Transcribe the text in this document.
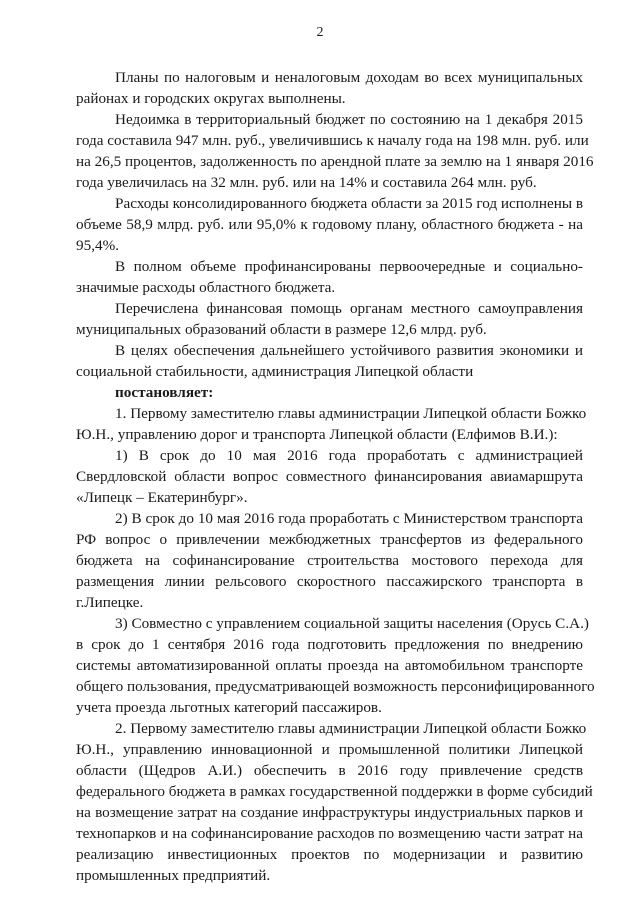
2
Планы по налоговым и неналоговым доходам во всех муниципальных
районах и городских округах выполнены.
Недоимка в территориальный бюджет по состоянию на 1 декабря 2015
года составила 947 млн. руб., увеличившись к началу года на 198 млн. руб. или
на 26,5 процентов, задолженность по арендной плате за землю на 1 января 2016
года увеличилась на 32 млн. руб. или на 14% и составила 264 млн. руб.
Расходы консолидированного бюджета области за 2015 год исполнены в
объеме 58,9 млрд. руб. или 95,0% к годовому плану, областного бюджета - на
95,4%.
В полном объеме профинансированы первоочередные и социально-
значимые расходы областного бюджета.
Перечислена финансовая помощь органам местного самоуправления
муниципальных образований области в размере 12,6 млрд. руб.
В целях обеспечения дальнейшего устойчивого развития экономики и
социальной стабильности, администрация Липецкой области
постановляет:
1. Первому заместителю главы администрации Липецкой области Божко
Ю.Н., управлению дорог и транспорта Липецкой области (Елфимов В.И.):
1) В срок до 10 мая 2016 года проработать с администрацией
Свердловской области вопрос совместного финансирования авиамаршрута
«Липецк – Екатеринбург».
2) В срок до 10 мая 2016 года проработать с Министерством транспорта
РФ вопрос о привлечении межбюджетных трансфертов из федерального
бюджета на софинансирование строительства мостового перехода для
размещения линии рельсового скоростного пассажирского транспорта в
г.Липецке.
3) Совместно с управлением социальной защиты населения (Орусь С.А.)
в срок до 1 сентября 2016 года подготовить предложения по внедрению
системы автоматизированной оплаты проезда на автомобильном транспорте
общего пользования, предусматривающей возможность персонифицированного
учета проезда льготных категорий пассажиров.
2. Первому заместителю главы администрации Липецкой области Божко
Ю.Н., управлению инновационной и промышленной политики Липецкой
области (Щедров А.И.) обеспечить в 2016 году привлечение средств
федерального бюджета в рамках государственной поддержки в форме субсидий
на возмещение затрат на создание инфраструктуры индустриальных парков и
технопарков и на софинансирование расходов по возмещению части затрат на
реализацию инвестиционных проектов по модернизации и развитию
промышленных предприятий.
